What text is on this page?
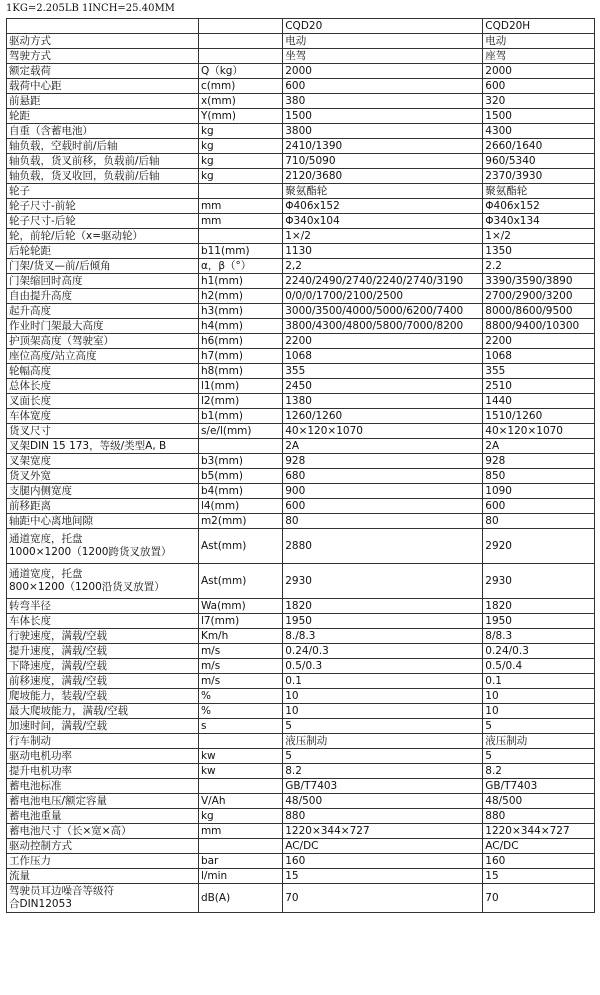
1KG=2.205LB 1INCH=25.40MM
		CQD20	CQD20H
驱动方式		电动	电动
驾驶方式		坐驾	座驾
额定载荷	Q（kg）	2000	2000
载荷中心距	c(mm)	600	600
前悬距	x(mm)	380	320
轮距	Y(mm)	1500	1500
自重（含蓄电池）	kg	3800	4300
轴负载，空载时前/后轴	kg	2410/1390	2660/1640
轴负载，货叉前移，负载前/后轴	kg	710/5090	960/5340
轴负载，货叉收回，负载前/后轴	kg	2120/3680	2370/3930
轮子		聚氨酯轮	聚氨酯轮
轮子尺寸-前轮	mm	Φ406x152	Φ406x152
轮子尺寸-后轮	mm	Φ340x104	Φ340x134
轮，前轮/后轮（x=驱动轮）		1×/2	1×/2
后轮轮距	b11(mm)	1130	1350
门架/货叉—前/后倾角	α，β（°）	2,2	2.2
门架缩回时高度	h1(mm)	2240/2490/2740/2240/2740/3190	3390/3590/3890
自由提升高度	h2(mm)	0/0/0/1700/2100/2500	2700/2900/3200
起升高度	h3(mm)	3000/3500/4000/5000/6200/7400	8000/8600/9500
作业时门架最大高度	h4(mm)	3800/4300/4800/5800/7000/8200	8800/9400/10300
护顶架高度（驾驶室）	h6(mm)	2200	2200
座位高度/站立高度	h7(mm)	1068	1068
轮幅高度	h8(mm)	355	355
总体长度	l1(mm)	2450	2510
叉面长度	l2(mm)	1380	1440
车体宽度	b1(mm)	1260/1260	1510/1260
货叉尺寸	s/e/l(mm)	40×120×1070	40×120×1070
叉架DIN 15 173，等级/类型A, B		2A	2A
叉架宽度	b3(mm)	928	928
货叉外宽	b5(mm)	680	850
支腿内侧宽度	b4(mm)	900	1090
前移距离	l4(mm)	600	600
轴距中心离地间隙	m2(mm)	80	80
通道宽度，托盘
1000×1200（1200跨货叉放置）	Ast(mm)	2880	2920
通道宽度，托盘
800×1200（1200沿货叉放置）	Ast(mm)	2930	2930
转弯半径	Wa(mm)	1820	1820
车体长度	l7(mm)	1950	1950
行驶速度，满载/空载	Km/h	8./8.3	8/8.3
提升速度，满载/空载	m/s	0.24/0.3	0.24/0.3
下降速度，满载/空载	m/s	0.5/0.3	0.5/0.4
前移速度，满载/空载	m/s	0.1	0.1
爬坡能力，装载/空载	%	10	10
最大爬坡能力，满载/空载	%	10	10
加速时间，满载/空载	s	5	5
行车制动		液压制动	液压制动
驱动电机功率	kw	5	5
提升电机功率	kw	8.2	8.2
蓄电池标准		GB/T7403	GB/T7403
蓄电池电压/额定容量	V/Ah	48/500	48/500
蓄电池重量	kg	880	880
蓄电池尺寸（长×宽×高）	mm	1220×344×727	1220×344×727
驱动控制方式		AC/DC	AC/DC
工作压力	bar	160	160
流量	l/min	15	15
驾驶员耳边噪音等级符
合DIN12053	dB(A)	70	70
